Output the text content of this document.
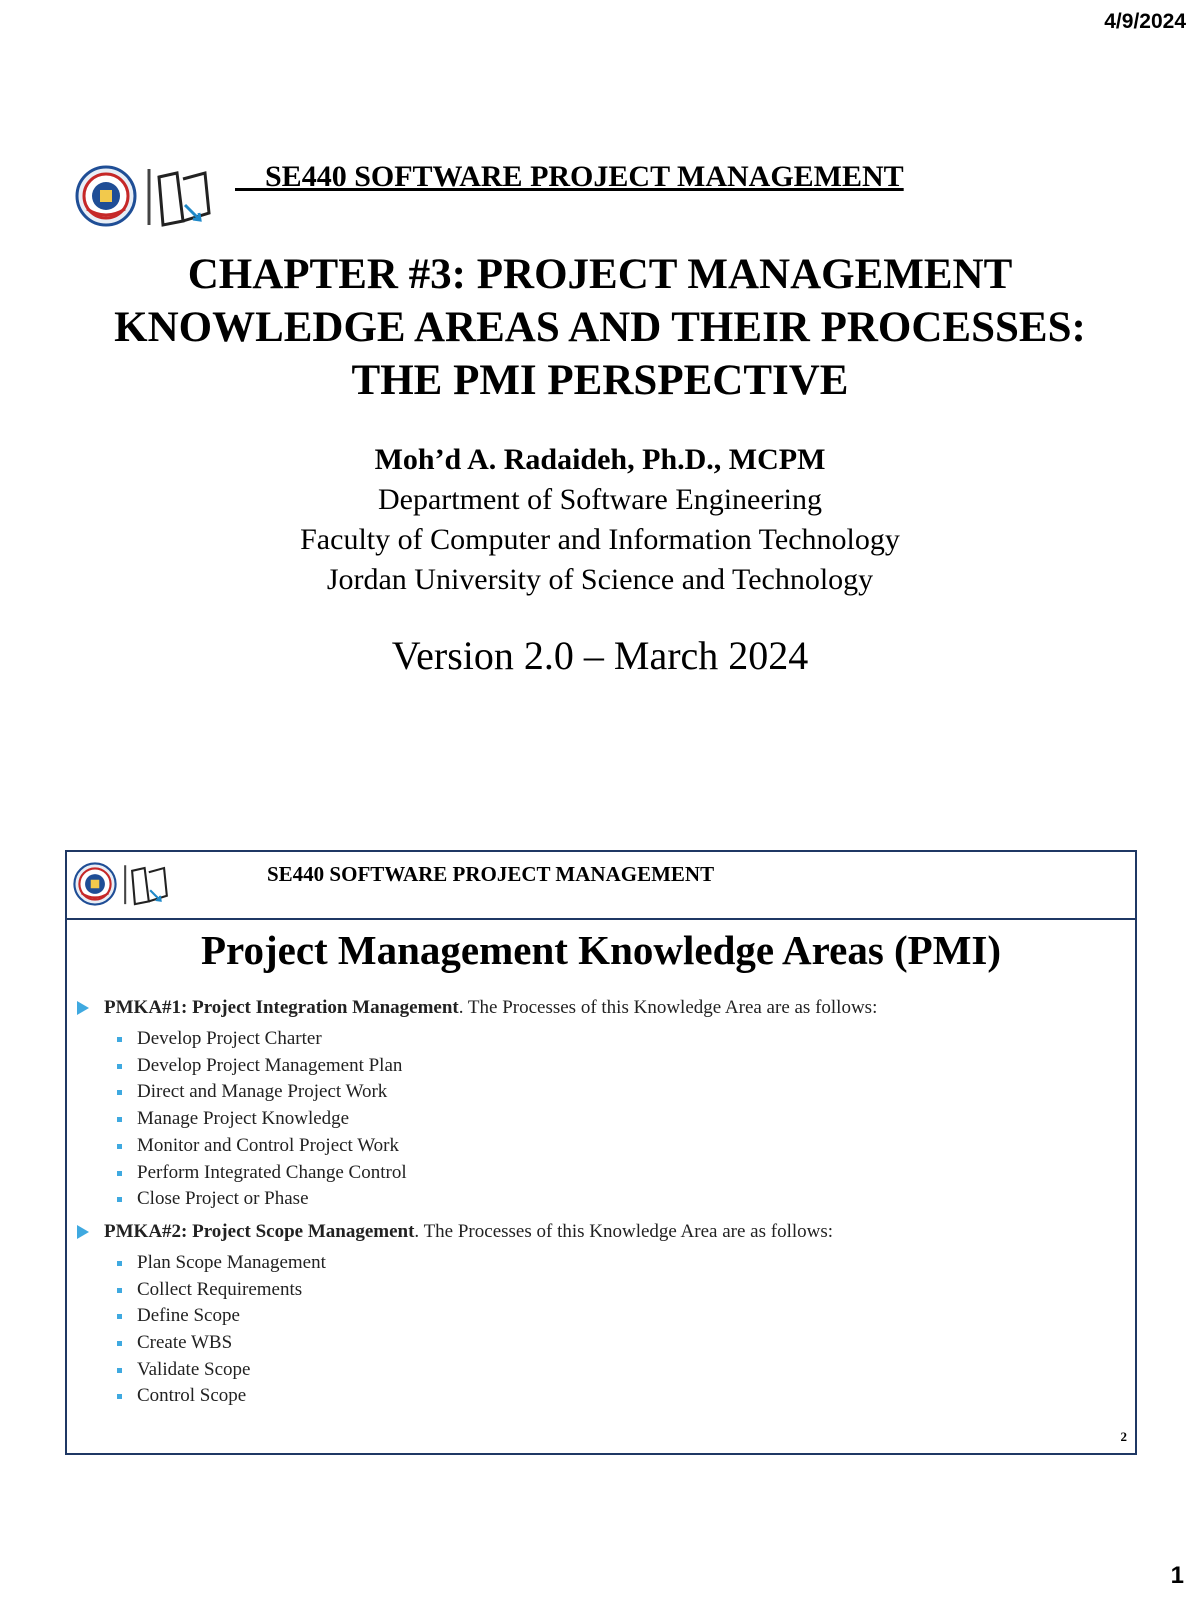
4/9/2024
SE440 SOFTWARE PROJECT MANAGEMENT
CHAPTER #3: PROJECT MANAGEMENT
KNOWLEDGE AREAS AND THEIR PROCESSES:
THE PMI PERSPECTIVE
Moh’d A. Radaideh, Ph.D., MCPM
Department of Software Engineering
Faculty of Computer and Information Technology
Jordan University of Science and Technology
Version 2.0 – March 2024
SE440 SOFTWARE PROJECT MANAGEMENT
Project Management Knowledge Areas (PMI)
PMKA#1: Project Integration Management. The Processes of this Knowledge Area are as follows:
Develop Project Charter
Develop Project Management Plan
Direct and Manage Project Work
Manage Project Knowledge
Monitor and Control Project Work
Perform Integrated Change Control
Close Project or Phase
PMKA#2: Project Scope Management. The Processes of this Knowledge Area are as follows:
Plan Scope Management
Collect Requirements
Define Scope
Create WBS
Validate Scope
Control Scope
2
1
